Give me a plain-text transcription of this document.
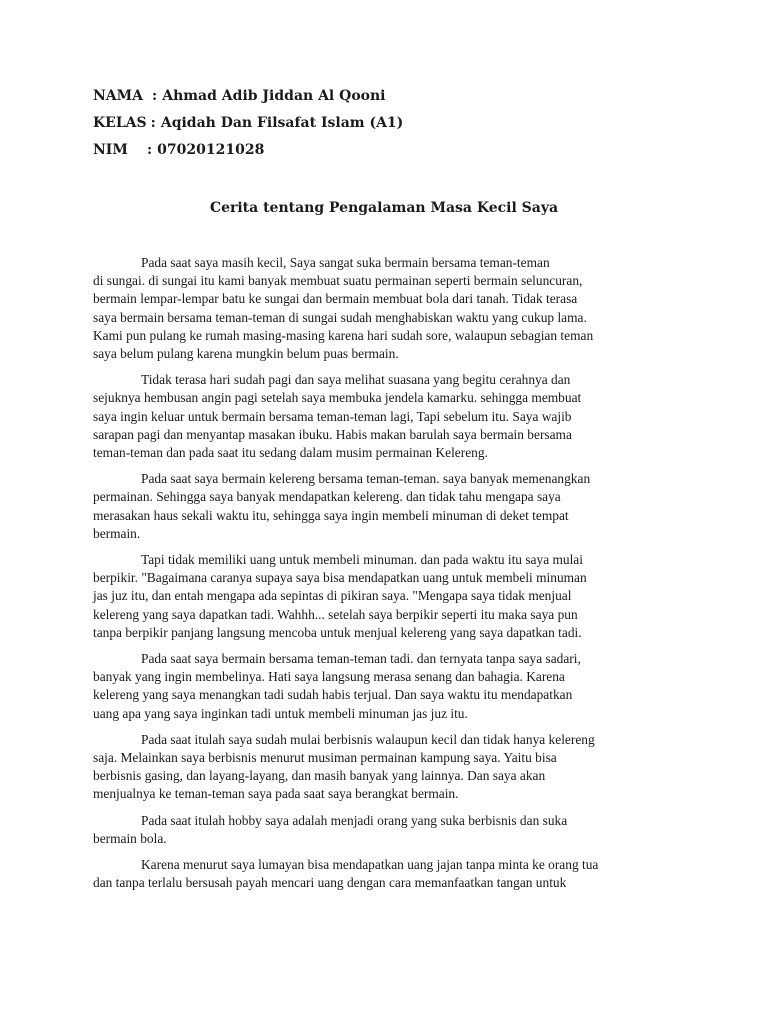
NAMA : Ahmad Adib Jiddan Al Qooni
KELAS : Aqidah Dan Filsafat Islam (A1)
NIM	: 07020121028
Cerita tentang Pengalaman Masa Kecil Saya
Pada saat saya masih kecil, Saya sangat suka bermain bersama teman-teman
di sungai. di sungai itu kami banyak membuat suatu permainan seperti bermain seluncuran,
bermain lempar-lempar batu ke sungai dan bermain membuat bola dari tanah. Tidak terasa
saya bermain bersama teman-teman di sungai sudah menghabiskan waktu yang cukup lama.
Kami pun pulang ke rumah masing-masing karena hari sudah sore, walaupun sebagian teman
saya belum pulang karena mungkin belum puas bermain.
Tidak terasa hari sudah pagi dan saya melihat suasana yang begitu cerahnya dan
sejuknya hembusan angin pagi setelah saya membuka jendela kamarku. sehingga membuat
saya ingin keluar untuk bermain bersama teman-teman lagi, Tapi sebelum itu. Saya wajib
sarapan pagi dan menyantap masakan ibuku. Habis makan barulah saya bermain bersama
teman-teman dan pada saat itu sedang dalam musim permainan Kelereng.
Pada saat saya bermain kelereng bersama teman-teman. saya banyak memenangkan
permainan. Sehingga saya banyak mendapatkan kelereng. dan tidak tahu mengapa saya
merasakan haus sekali waktu itu, sehingga saya ingin membeli minuman di deket tempat
bermain.
Tapi tidak memiliki uang untuk membeli minuman. dan pada waktu itu saya mulai
berpikir. "Bagaimana caranya supaya saya bisa mendapatkan uang untuk membeli minuman
jas juz itu, dan entah mengapa ada sepintas di pikiran saya. "Mengapa saya tidak menjual
kelereng yang saya dapatkan tadi. Wahhh... setelah saya berpikir seperti itu maka saya pun
tanpa berpikir panjang langsung mencoba untuk menjual kelereng yang saya dapatkan tadi.
Pada saat saya bermain bersama teman-teman tadi. dan ternyata tanpa saya sadari,
banyak yang ingin membelinya. Hati saya langsung merasa senang dan bahagia. Karena
kelereng yang saya menangkan tadi sudah habis terjual. Dan saya waktu itu mendapatkan
uang apa yang saya inginkan tadi untuk membeli minuman jas juz itu.
Pada saat itulah saya sudah mulai berbisnis walaupun kecil dan tidak hanya kelereng
saja. Melainkan saya berbisnis menurut musiman permainan kampung saya. Yaitu bisa
berbisnis gasing, dan layang-layang, dan masih banyak yang lainnya. Dan saya akan
menjualnya ke teman-teman saya pada saat saya berangkat bermain.
Pada saat itulah hobby saya adalah menjadi orang yang suka berbisnis dan suka
bermain bola.
Karena menurut saya lumayan bisa mendapatkan uang jajan tanpa minta ke orang tua
dan tanpa terlalu bersusah payah mencari uang dengan cara memanfaatkan tangan untuk
